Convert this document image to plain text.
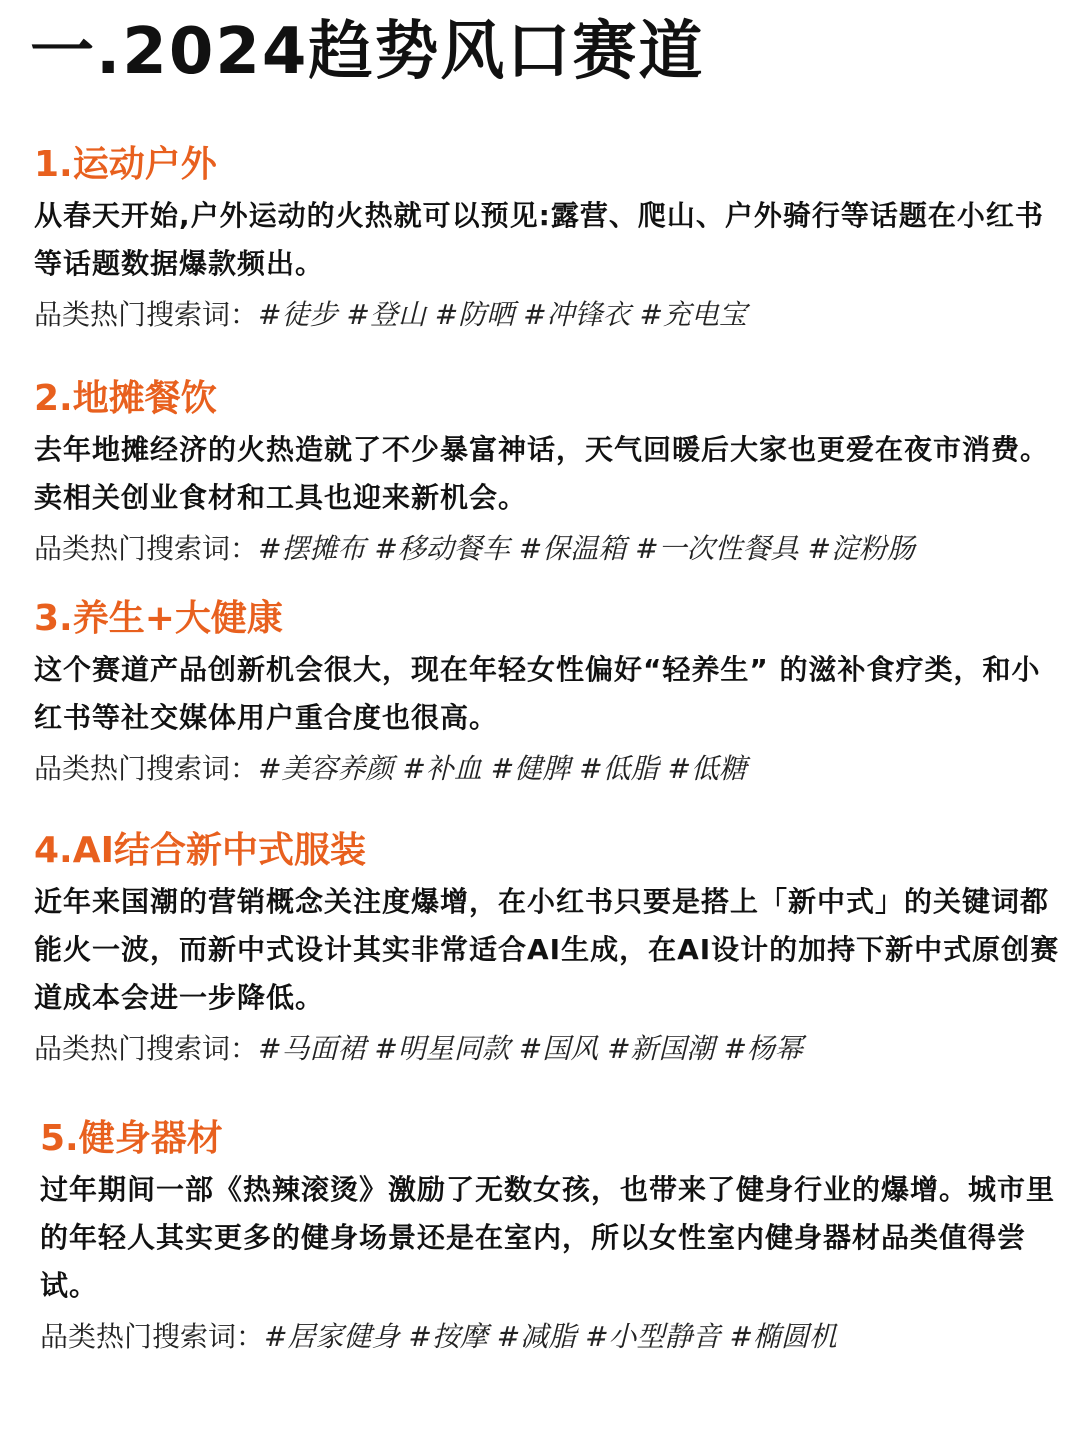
一.2024趋势风口赛道
1.运动户外
从春天开始,户外运动的火热就可以预见:露营、爬山、户外骑行等话题在小红书等话题数据爆款频出。
品类热门搜索词：#徒步 #登山 #防晒 #冲锋衣 #充电宝
2.地摊餐饮
去年地摊经济的火热造就了不少暴富神话，天气回暖后大家也更爱在夜市消费。卖相关创业食材和工具也迎来新机会。
品类热门搜索词：#摆摊布 #移动餐车 #保温箱 #一次性餐具 #淀粉肠
3.养生+大健康
这个赛道产品创新机会很大，现在年轻女性偏好“轻养生” 的滋补食疗类，和小红书等社交媒体用户重合度也很高。
品类热门搜索词：#美容养颜 #补血 #健脾 #低脂 #低糖
4.AI结合新中式服装
近年来国潮的营销概念关注度爆增，在小红书只要是搭上「新中式」的关键词都能火一波，而新中式设计其实非常适合AI生成，在AI设计的加持下新中式原创赛道成本会进一步降低。
品类热门搜索词：#马面裙 #明星同款 #国风 #新国潮 #杨幂
5.健身器材
过年期间一部《热辣滚烫》激励了无数女孩，也带来了健身行业的爆增。城市里的年轻人其实更多的健身场景还是在室内，所以女性室内健身器材品类值得尝试。
品类热门搜索词：#居家健身 #按摩 #减脂 #小型静音 #椭圆机
